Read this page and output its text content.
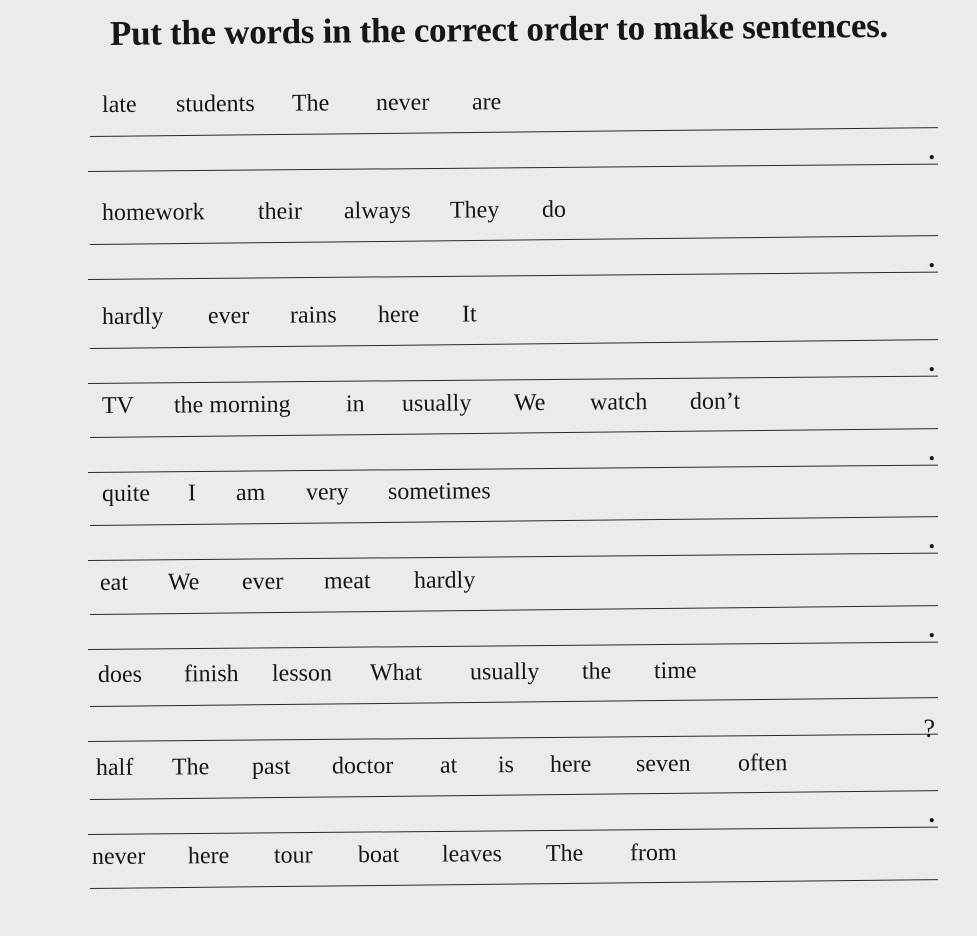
Put the words in the correct order to make sentences.
late students The never are
.
homework their always They do
.
hardly ever rains here It
.
TV the morning in usually We watch don’t
.
quite I am very sometimes
.
eat We ever meat hardly
.
does finish lesson What usually the time
?
half The past doctor at is here seven often
.
never here tour boat leaves The from
